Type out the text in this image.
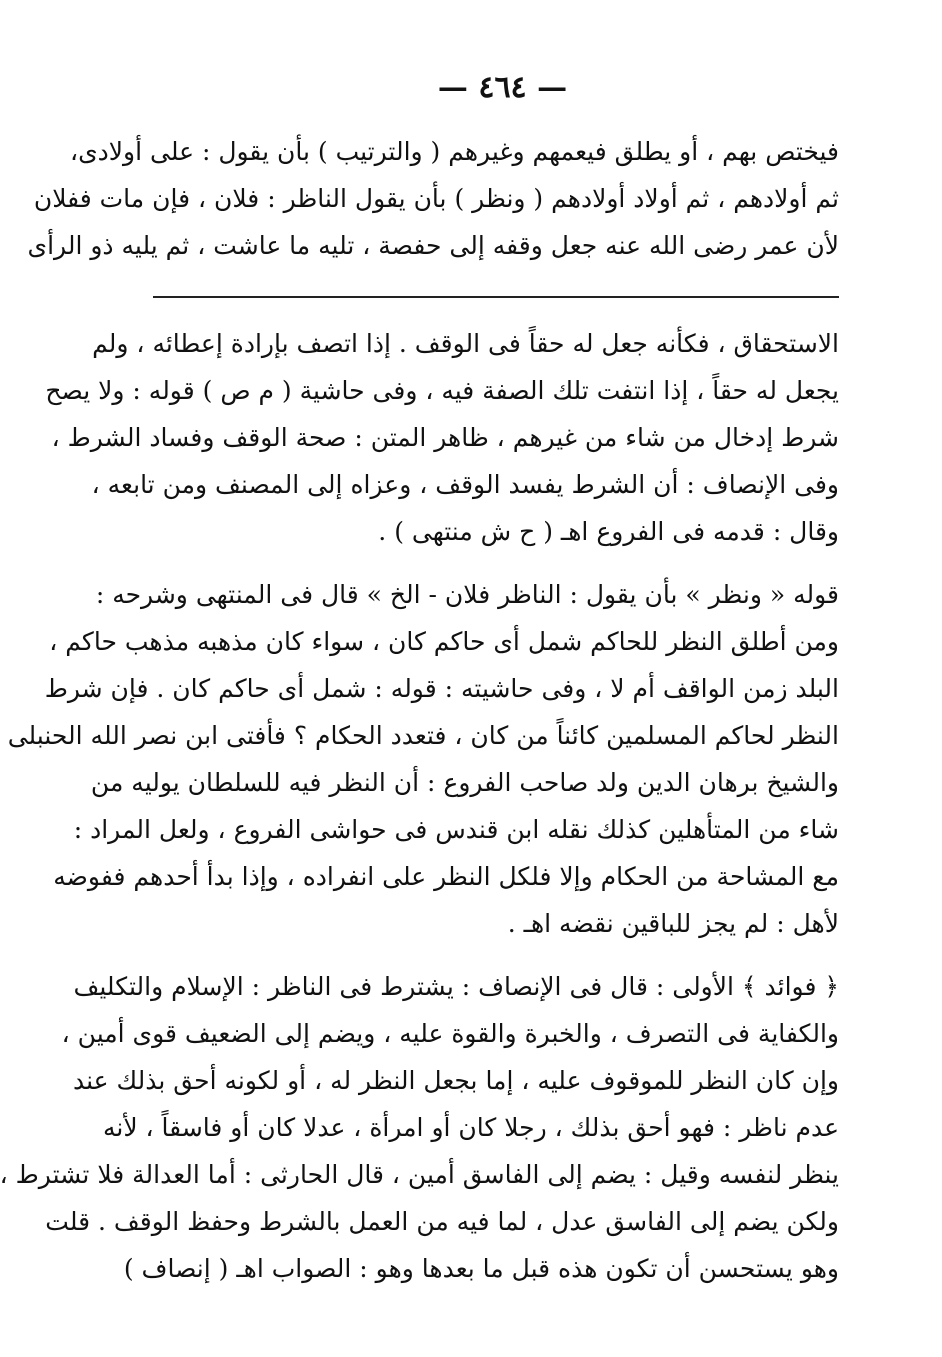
— ٤٦٤ —
فيختص بهم ، أو يطلق فيعمهم وغيرهم ( والترتيب ) بأن يقول : على أولادى،
ثم أولادهم ، ثم أولاد أولادهم ( ونظر ) بأن يقول الناظر : فلان ، فإن مات ففلان
لأن عمر رضى الله عنه جعل وقفه إلى حفصة ، تليه ما عاشت ، ثم يليه ذو الرأى
الاستحقاق ، فكأنه جعل له حقاً فى الوقف . إذا اتصف بإرادة إعطائه ، ولم
يجعل له حقاً ، إذا انتفت تلك الصفة فيه ، وفى حاشية ( م ص ) قوله : ولا يصح
شرط إدخال من شاء من غيرهم ، ظاهر المتن : صحة الوقف وفساد الشرط ،
وفى الإنصاف : أن الشرط يفسد الوقف ، وعزاه إلى المصنف ومن تابعه ،
وقال : قدمه فى الفروع اهـ ( ح ش منتهى ) .
قوله « ونظر » بأن يقول : الناظر فلان - الخ » قال فى المنتهى وشرحه :
ومن أطلق النظر للحاكم شمل أى حاكم كان ، سواء كان مذهبه مذهب حاكم ،
البلد زمن الواقف أم لا ، وفى حاشيته : قوله : شمل أى حاكم كان . فإن شرط
النظر لحاكم المسلمين كائناً من كان ، فتعدد الحكام ؟ فأفتى ابن نصر الله الحنبلى
والشيخ برهان الدين ولد صاحب الفروع : أن النظر فيه للسلطان يوليه من
شاء من المتأهلين كذلك نقله ابن قندس فى حواشى الفروع ، ولعل المراد :
مع المشاحة من الحكام وإلا فلكل النظر على انفراده ، وإذا بدأ أحدهم ففوضه
لأهل : لم يجز للباقين نقضه اهـ .
﴿ فوائد ﴾ الأولى : قال فى الإنصاف : يشترط فى الناظر : الإسلام والتكليف
والكفاية فى التصرف ، والخبرة والقوة عليه ، ويضم إلى الضعيف قوى أمين ،
وإن كان النظر للموقوف عليه ، إما بجعل النظر له ، أو لكونه أحق بذلك عند
عدم ناظر : فهو أحق بذلك ، رجلا كان أو امرأة ، عدلا كان أو فاسقاً ، لأنه
ينظر لنفسه وقيل : يضم إلى الفاسق أمين ، قال الحارثى : أما العدالة فلا تشترط ،
ولكن يضم إلى الفاسق عدل ، لما فيه من العمل بالشرط وحفظ الوقف . قلت
وهو يستحسن أن تكون هذه قبل ما بعدها وهو : الصواب اهـ ( إنصاف )
